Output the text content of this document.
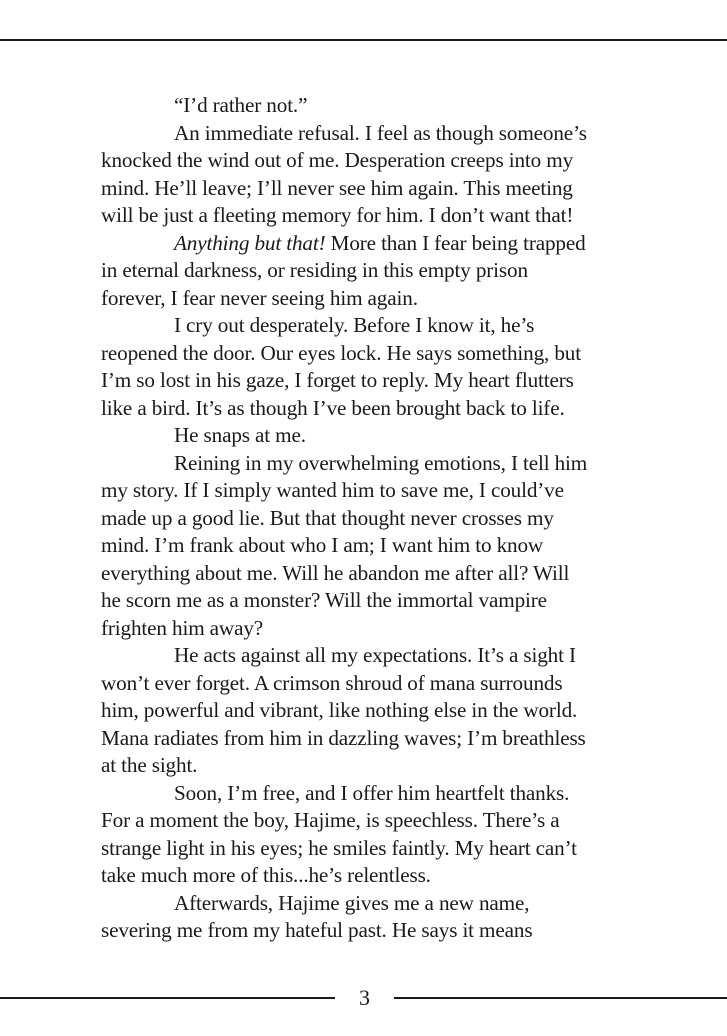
“I’d rather not.”
An immediate refusal. I feel as though someone’s
knocked the wind out of me. Desperation creeps into my
mind. He’ll leave; I’ll never see him again. This meeting
will be just a fleeting memory for him. I don’t want that!
Anything but that! More than I fear being trapped
in eternal darkness, or residing in this empty prison
forever, I fear never seeing him again.
I cry out desperately. Before I know it, he’s
reopened the door. Our eyes lock. He says something, but
I’m so lost in his gaze, I forget to reply. My heart flutters
like a bird. It’s as though I’ve been brought back to life.
He snaps at me.
Reining in my overwhelming emotions, I tell him
my story. If I simply wanted him to save me, I could’ve
made up a good lie. But that thought never crosses my
mind. I’m frank about who I am; I want him to know
everything about me. Will he abandon me after all? Will
he scorn me as a monster? Will the immortal vampire
frighten him away?
He acts against all my expectations. It’s a sight I
won’t ever forget. A crimson shroud of mana surrounds
him, powerful and vibrant, like nothing else in the world.
Mana radiates from him in dazzling waves; I’m breathless
at the sight.
Soon, I’m free, and I offer him heartfelt thanks.
For a moment the boy, Hajime, is speechless. There’s a
strange light in his eyes; he smiles faintly. My heart can’t
take much more of this...he’s relentless.
Afterwards, Hajime gives me a new name,
severing me from my hateful past. He says it means
3
